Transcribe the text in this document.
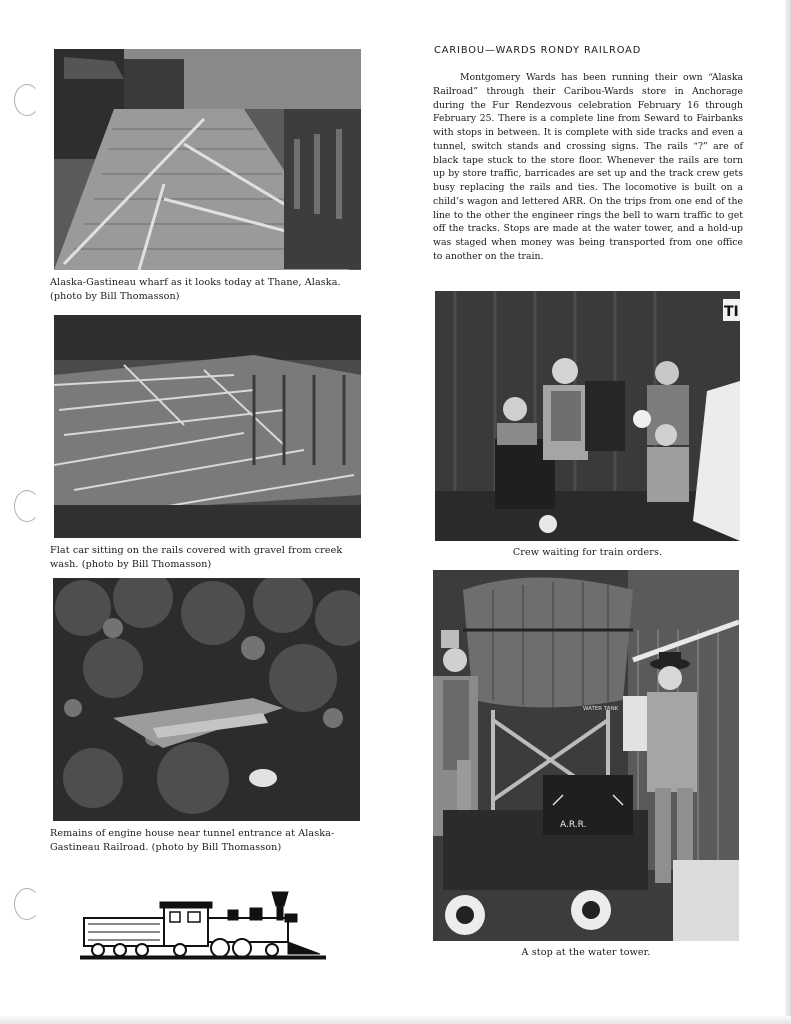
Alaska-Gastineau wharf as it looks today at Thane, Alaska. (photo by Bill Thomasson)
Flat car sitting on the rails covered with gravel from creek wash. (photo by Bill Thomasson)
Remains of engine house near tunnel entrance at Alaska-Gastineau Railroad. (photo by Bill Thomasson)
CARIBOU—WARDS RONDY RAILROAD

Montgomery Wards has been running their own “Alaska Railroad” through their Caribou-Wards store in Anchorage during the Fur Rendezvous celebration February 16 through February 25. There is a complete line from Seward to Fairbanks with stops in between. It is complete with side tracks and even a tunnel, switch stands and crossing signs. The rails “?” are of black tape stuck to the store floor. Whenever the rails are torn up by store traffic, barricades are set up and the track crew gets busy replacing the rails and ties. The locomotive is built on a child’s wagon and lettered ARR. On the trips from one end of the line to the other the engineer rings the bell to warn traffic to get off the tracks. Stops are made at the water tower, and a hold-up was staged when money was being transported from one office to another on the train.

TI
Crew waiting for train orders.
WATER TANK
A.R.R.
A stop at the water tower.
